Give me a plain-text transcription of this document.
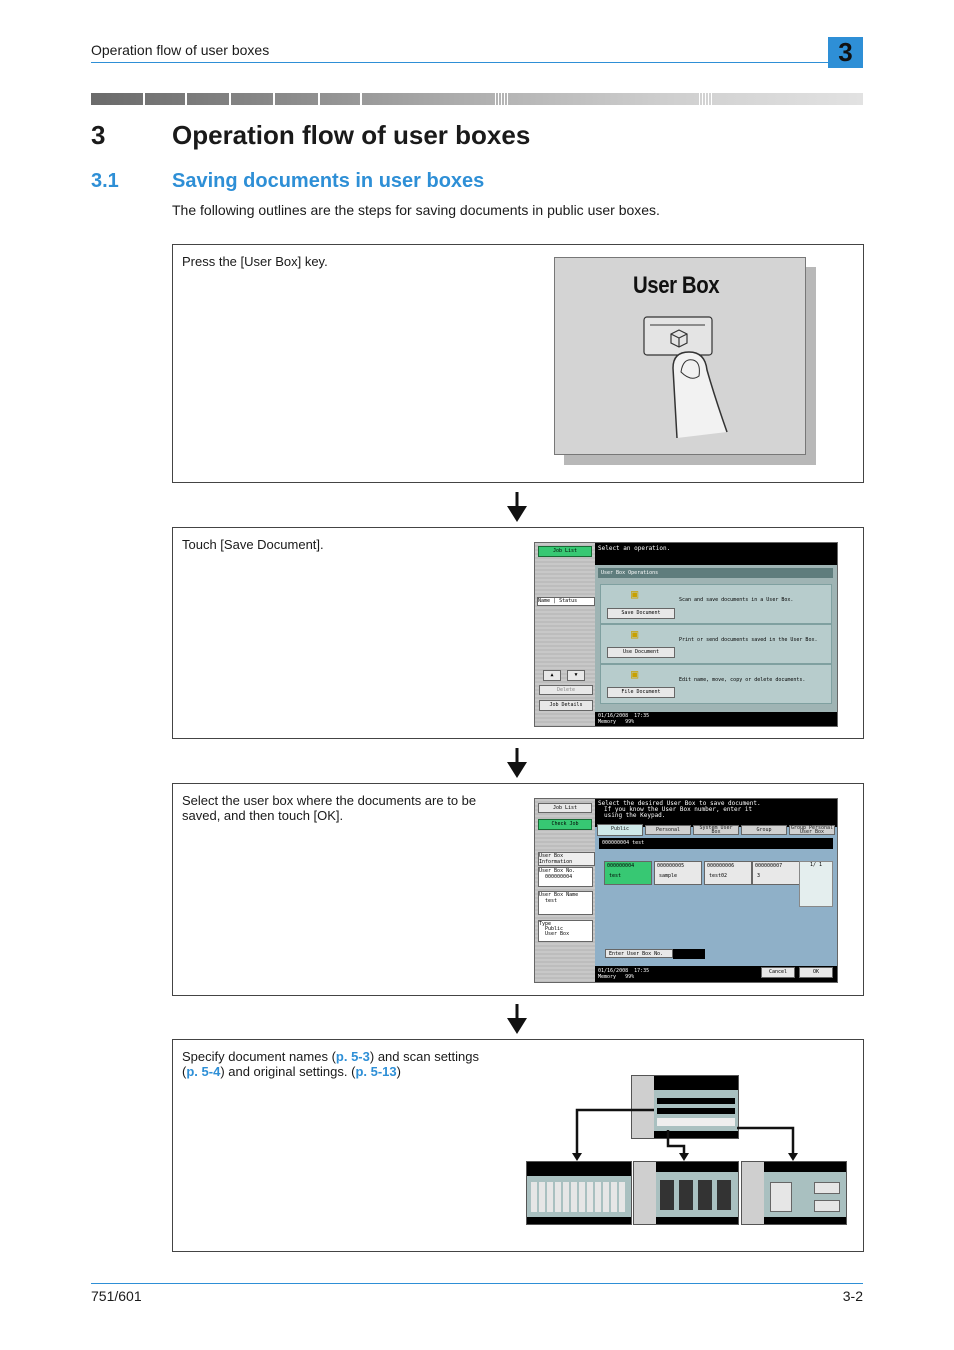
Operation flow of user boxes	3
3	Operation flow of user boxes
3.1	Saving documents in user boxes
The following outlines are the steps for saving documents in public user boxes.
Press the [User Box] key.
User Box
Touch [Save Document].	Job List
Name | Status
▲	▼
Delete
Job Details
Select an operation.
User Box Operations
Scan and save documents in a User Box.
▣
Save Document
Print or send documents saved in the User Box.
▣
Use Document
Edit name, move, copy or delete documents.
▣
File Document
01/16/2008 17:35
Memory 99%
Select the user box where the documents are to be saved, and then touch [OK].	Job List
Check Job
User Box Information
User Box No.
000000004
User Box Name
test
Type
Public User Box
Select the desired User Box to save document.
If you know the User Box number, enter it
using the Keypad.
Public	Personal	System User Box	Group	Group Personal User Box
000000004 test
000000004
test
000000005
sample
000000006
test02
000000007
3
1/ 1
Enter User Box No.
01/16/2008 17:35
Memory 99%
Cancel	OK
Specify document names (p. 5-3) and scan settings (p. 5-4) and original settings. (p. 5-13)
751/601	3-2
